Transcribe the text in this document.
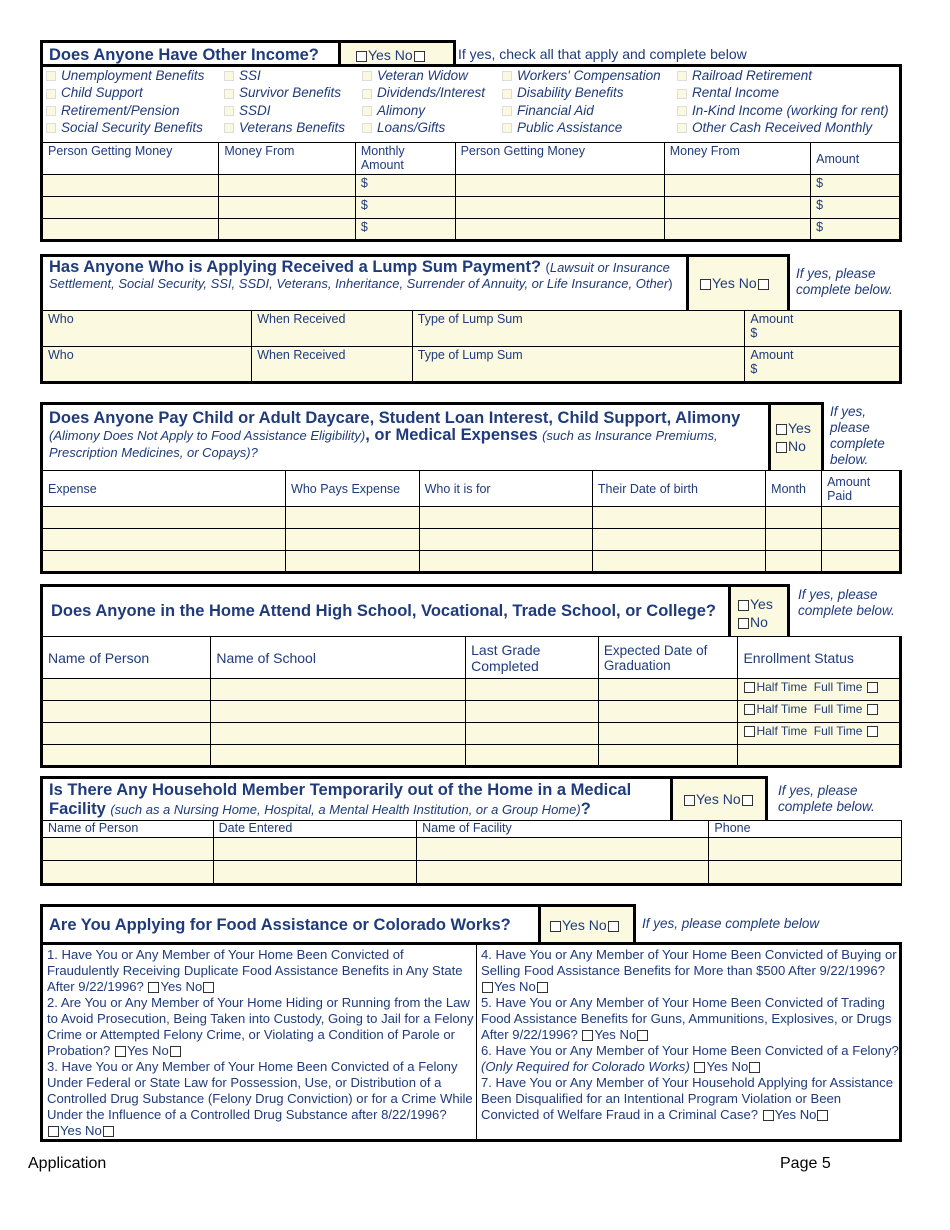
Does Anyone Have Other Income?	Yes No	If yes, check all that apply and complete below
Unemployment Benefits
Child Support
Retirement/Pension
Social Security Benefits
SSI
Survivor Benefits
SSDI
Veterans Benefits
Veteran Widow
Dividends/Interest
Alimony
Loans/Gifts
Workers' Compensation
Disability Benefits
Financial Aid
Public Assistance
Railroad Retirement
Rental Income
In-Kind Income (working for rent)
Other Cash Received Monthly
Person Getting Money	Money From	Monthly Amount	Person Getting Money	Money From	Amount
		$			$
		$			$
		$			$
Has Anyone Who is Applying Received a Lump Sum Payment? (Lawsuit or Insurance Settlement, Social Security, SSI, SSDI, Veterans, Inheritance, Surrender of Annuity, or Life Insurance, Other)	Yes No
If yes, please complete below.
Who	When Received	Type of Lump Sum	Amount
$
Who	When Received	Type of Lump Sum	Amount
$
Does Anyone Pay Child or Adult Daycare, Student Loan Interest, Child Support, Alimony
(Alimony Does Not Apply to Food Assistance Eligibility), or Medical Expenses (such as Insurance Premiums, Prescription Medicines, or Copays)?
Yes
No
If yes, please complete below.
Expense	Who Pays Expense	Who it is for	Their Date of birth	Month	Amount Paid

Does Anyone in the Home Attend High School, Vocational, Trade School, or College?	Yes
No
If yes, please complete below.
Name of Person	Name of School	Last Grade Completed	Expected Date of Graduation	Enrollment Status
				Half Time Full Time
				Half Time Full Time
				Half Time Full Time

Is There Any Household Member Temporarily out of the Home in a Medical Facility (such as a Nursing Home, Hospital, a Mental Health Institution, or a Group Home)?
Yes No
If yes, please complete below.
Name of Person	Date Entered	Name of Facility	Phone

Are You Applying for Food Assistance or Colorado Works?	Yes No	If yes, please complete below
1. Have You or Any Member of Your Home Been Convicted of Fraudulently Receiving Duplicate Food Assistance Benefits in Any State After 9/22/1996? Yes No
2. Are You or Any Member of Your Home Hiding or Running from the Law to Avoid Prosecution, Being Taken into Custody, Going to Jail for a Felony Crime or Attempted Felony Crime, or Violating a Condition of Parole or Probation? Yes No
3. Have You or Any Member of Your Home Been Convicted of a Felony Under Federal or State Law for Possession, Use, or Distribution of a Controlled Drug Substance (Felony Drug Conviction) or for a Crime While Under the Influence of a Controlled Drug Substance after 8/22/1996?
Yes No
4. Have You or Any Member of Your Home Been Convicted of Buying or Selling Food Assistance Benefits for More than $500 After 9/22/1996? Yes No
5. Have You or Any Member of Your Home Been Convicted of Trading Food Assistance Benefits for Guns, Ammunitions, Explosives, or Drugs After 9/22/1996? Yes No
6. Have You or Any Member of Your Home Been Convicted of a Felony? (Only Required for Colorado Works) Yes No
7. Have You or Any Member of Your Household Applying for Assistance Been Disqualified for an Intentional Program Violation or Been Convicted of Welfare Fraud in a Criminal Case? Yes No
Application	Page 5
